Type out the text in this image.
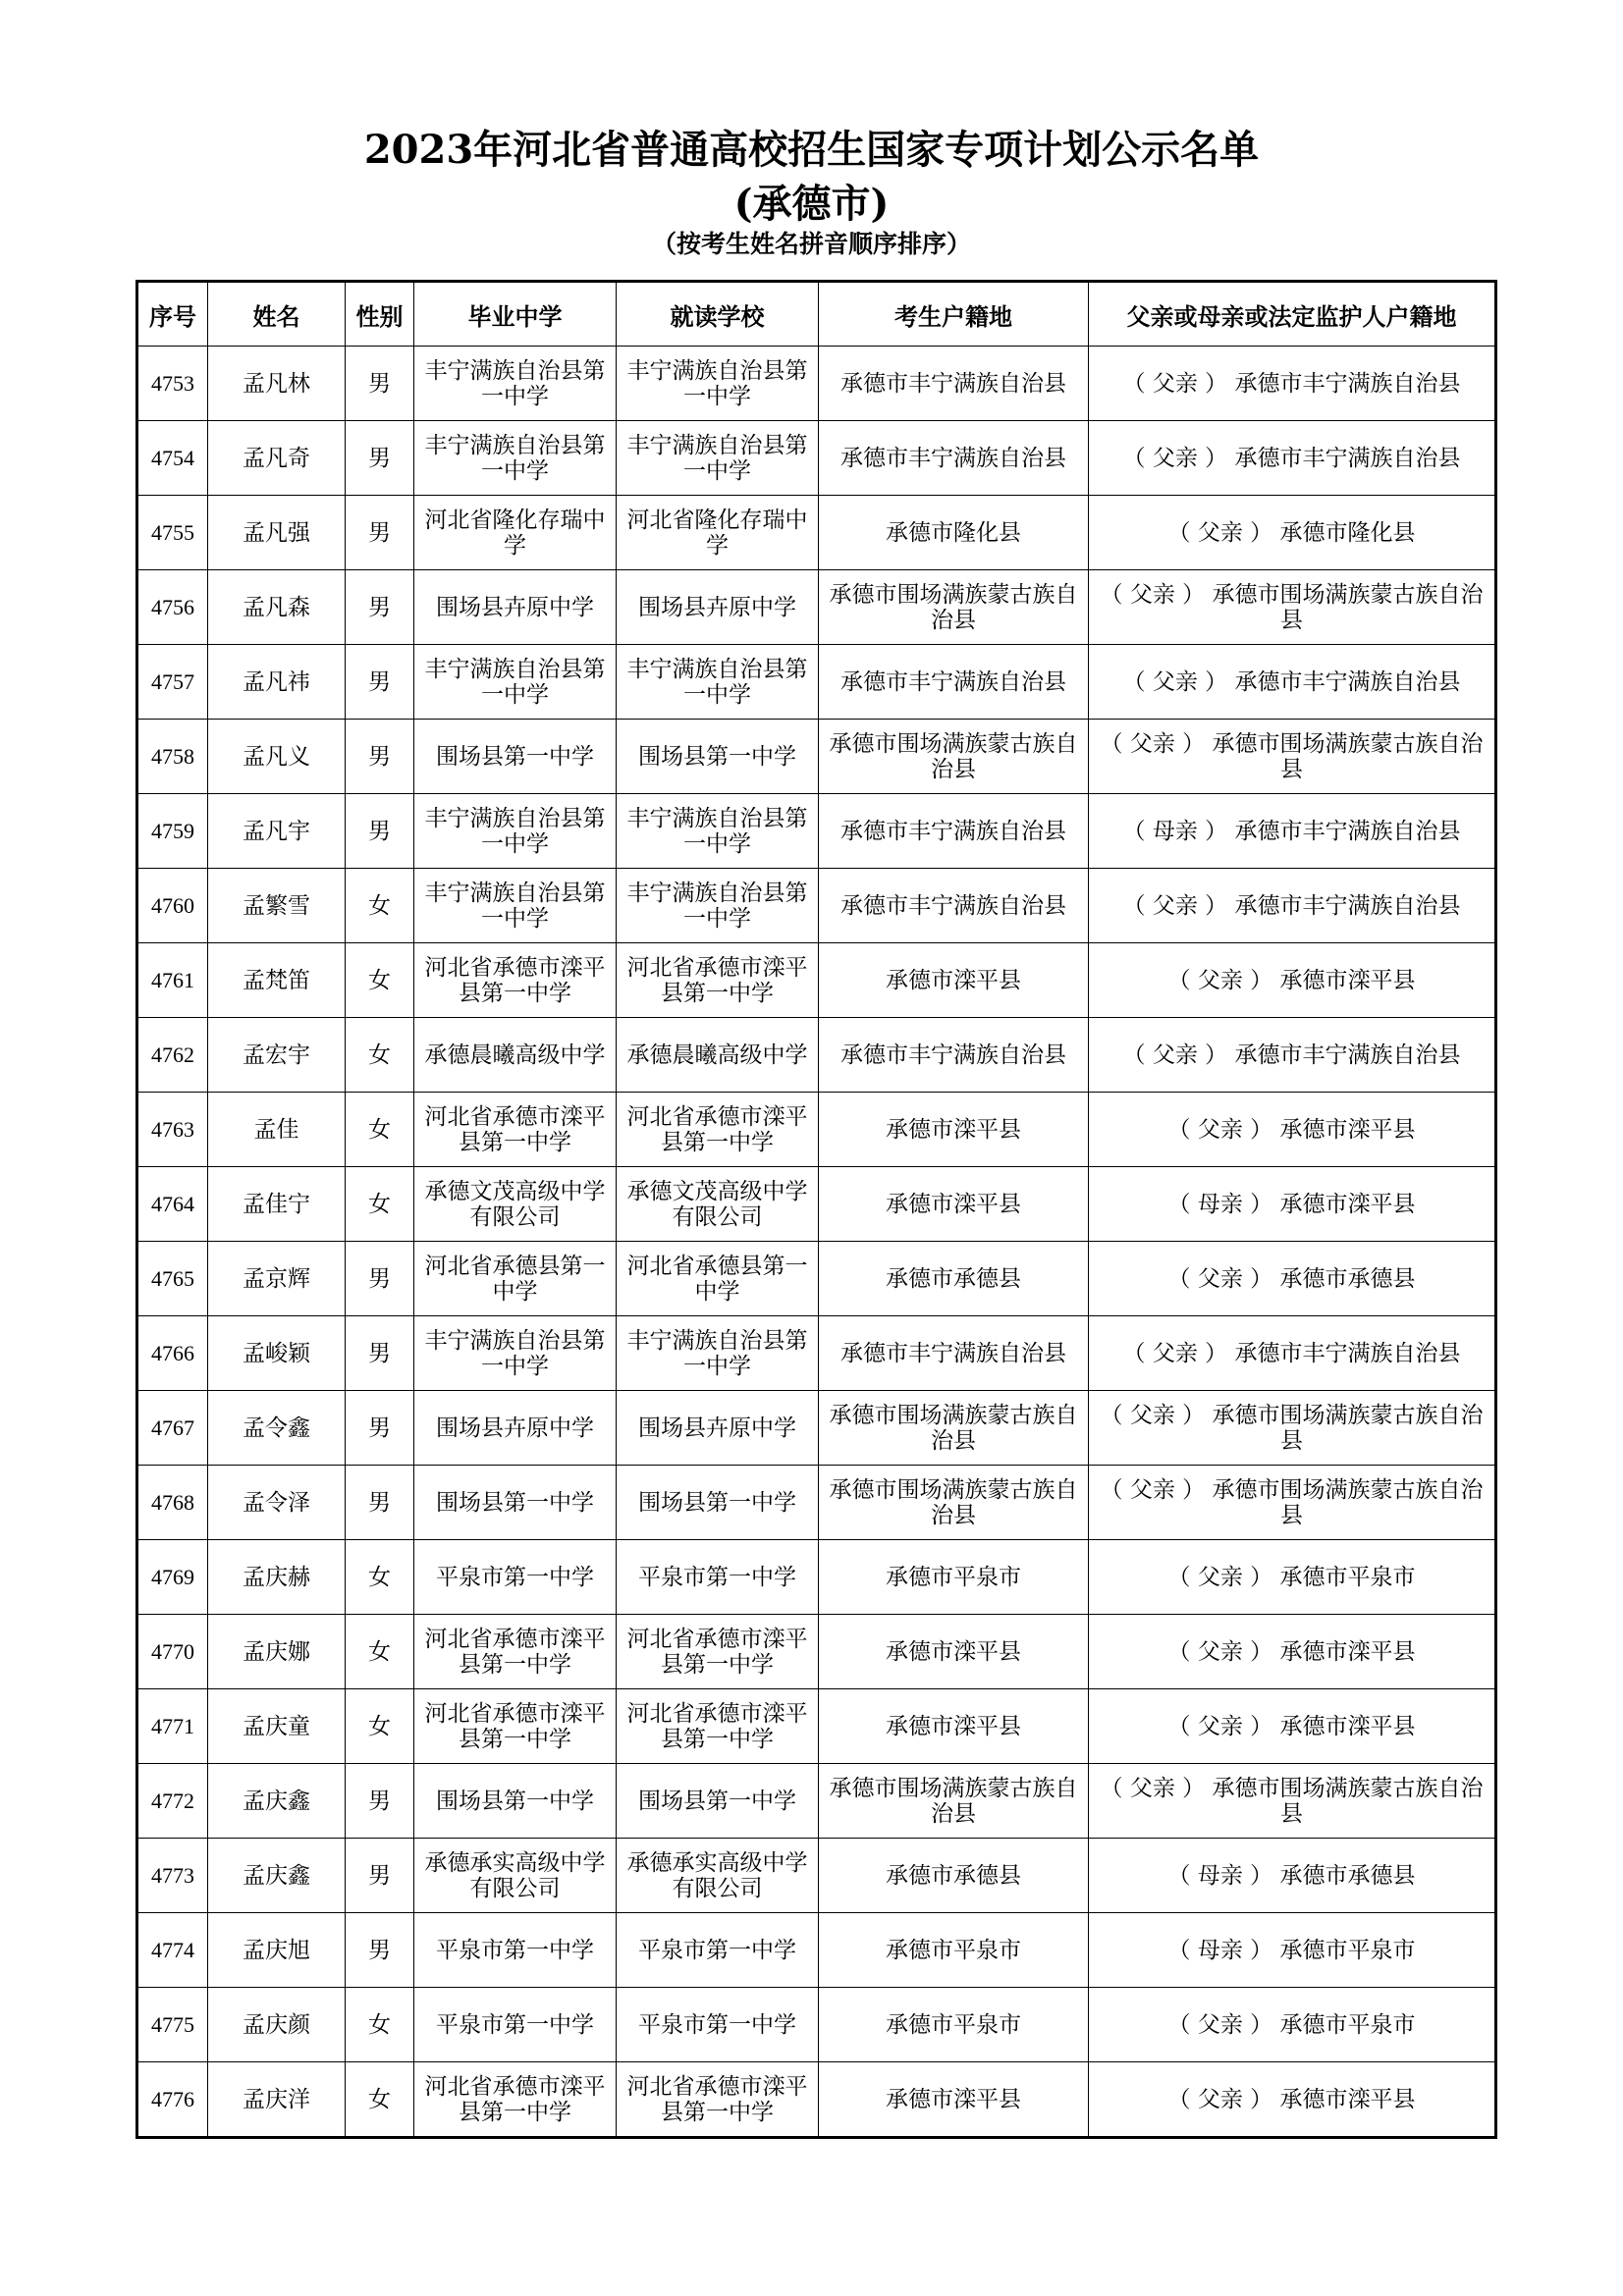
2023年河北省普通高校招生国家专项计划公示名单
(承德市)
（按考生姓名拼音顺序排序）
序号	姓名	性别	毕业中学	就读学校	考生户籍地	父亲或母亲或法定监护人户籍地
4753	孟凡林	男	丰宁满族自治县第一中学	丰宁满族自治县第一中学	承德市丰宁满族自治县	（ 父亲 ） 承德市丰宁满族自治县
4754	孟凡奇	男	丰宁满族自治县第一中学	丰宁满族自治县第一中学	承德市丰宁满族自治县	（ 父亲 ） 承德市丰宁满族自治县
4755	孟凡强	男	河北省隆化存瑞中学	河北省隆化存瑞中学	承德市隆化县	（ 父亲 ） 承德市隆化县
4756	孟凡森	男	围场县卉原中学	围场县卉原中学	承德市围场满族蒙古族自治县	（ 父亲 ） 承德市围场满族蒙古族自治县
4757	孟凡祎	男	丰宁满族自治县第一中学	丰宁满族自治县第一中学	承德市丰宁满族自治县	（ 父亲 ） 承德市丰宁满族自治县
4758	孟凡义	男	围场县第一中学	围场县第一中学	承德市围场满族蒙古族自治县	（ 父亲 ） 承德市围场满族蒙古族自治县
4759	孟凡宇	男	丰宁满族自治县第一中学	丰宁满族自治县第一中学	承德市丰宁满族自治县	（ 母亲 ） 承德市丰宁满族自治县
4760	孟繁雪	女	丰宁满族自治县第一中学	丰宁满族自治县第一中学	承德市丰宁满族自治县	（ 父亲 ） 承德市丰宁满族自治县
4761	孟梵笛	女	河北省承德市滦平县第一中学	河北省承德市滦平县第一中学	承德市滦平县	（ 父亲 ） 承德市滦平县
4762	孟宏宇	女	承德晨曦高级中学	承德晨曦高级中学	承德市丰宁满族自治县	（ 父亲 ） 承德市丰宁满族自治县
4763	孟佳	女	河北省承德市滦平县第一中学	河北省承德市滦平县第一中学	承德市滦平县	（ 父亲 ） 承德市滦平县
4764	孟佳宁	女	承德文茂高级中学有限公司	承德文茂高级中学有限公司	承德市滦平县	（ 母亲 ） 承德市滦平县
4765	孟京辉	男	河北省承德县第一中学	河北省承德县第一中学	承德市承德县	（ 父亲 ） 承德市承德县
4766	孟峻颖	男	丰宁满族自治县第一中学	丰宁满族自治县第一中学	承德市丰宁满族自治县	（ 父亲 ） 承德市丰宁满族自治县
4767	孟令鑫	男	围场县卉原中学	围场县卉原中学	承德市围场满族蒙古族自治县	（ 父亲 ） 承德市围场满族蒙古族自治县
4768	孟令泽	男	围场县第一中学	围场县第一中学	承德市围场满族蒙古族自治县	（ 父亲 ） 承德市围场满族蒙古族自治县
4769	孟庆赫	女	平泉市第一中学	平泉市第一中学	承德市平泉市	（ 父亲 ） 承德市平泉市
4770	孟庆娜	女	河北省承德市滦平县第一中学	河北省承德市滦平县第一中学	承德市滦平县	（ 父亲 ） 承德市滦平县
4771	孟庆童	女	河北省承德市滦平县第一中学	河北省承德市滦平县第一中学	承德市滦平县	（ 父亲 ） 承德市滦平县
4772	孟庆鑫	男	围场县第一中学	围场县第一中学	承德市围场满族蒙古族自治县	（ 父亲 ） 承德市围场满族蒙古族自治县
4773	孟庆鑫	男	承德承实高级中学有限公司	承德承实高级中学有限公司	承德市承德县	（ 母亲 ） 承德市承德县
4774	孟庆旭	男	平泉市第一中学	平泉市第一中学	承德市平泉市	（ 母亲 ） 承德市平泉市
4775	孟庆颜	女	平泉市第一中学	平泉市第一中学	承德市平泉市	（ 父亲 ） 承德市平泉市
4776	孟庆洋	女	河北省承德市滦平县第一中学	河北省承德市滦平县第一中学	承德市滦平县	（ 父亲 ） 承德市滦平县
